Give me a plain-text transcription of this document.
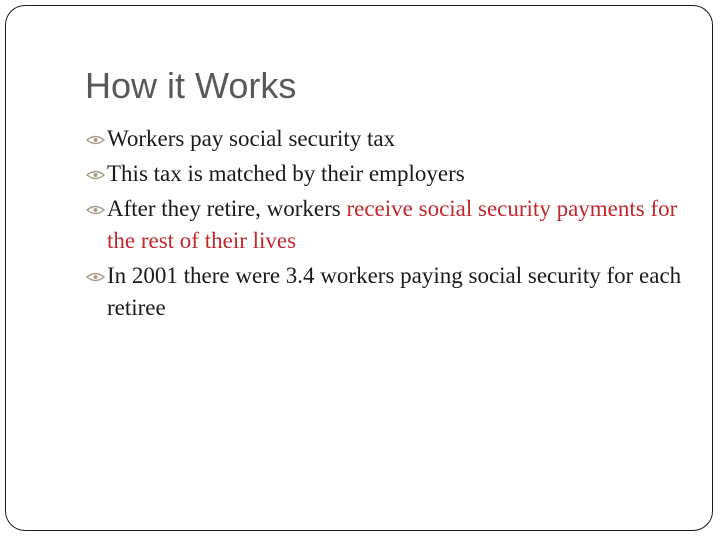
How it Works
Workers pay social security tax
This tax is matched by their employers
After they retire, workers receive social security payments for the rest of their lives
In 2001 there were 3.4 workers paying social security for each retiree
